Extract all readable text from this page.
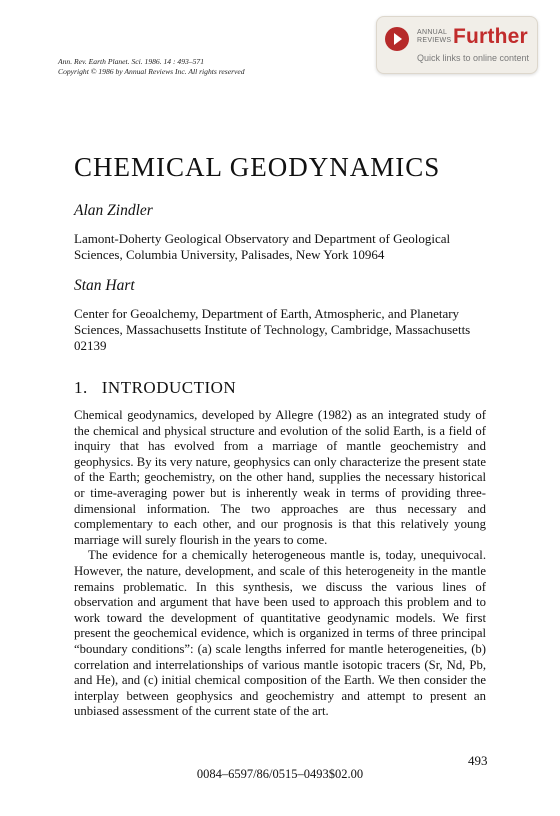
ANNUAL
REVIEWS Further
Quick links to online content
Ann. Rev. Earth Planet. Sci. 1986. 14 : 493–571
Copyright © 1986 by Annual Reviews Inc. All rights reserved
CHEMICAL GEODYNAMICS
Alan Zindler
Lamont-Doherty Geological Observatory and Department of Geological Sciences, Columbia University, Palisades, New York 10964
Stan Hart
Center for Geoalchemy, Department of Earth, Atmospheric, and Planetary Sciences, Massachusetts Institute of Technology, Cambridge, Massachusetts 02139
1. INTRODUCTION

Chemical geodynamics, developed by Allegre (1982) as an integrated study of the chemical and physical structure and evolution of the solid Earth, is a field of inquiry that has evolved from a marriage of mantle geochemistry and geophysics. By its very nature, geophysics can only characterize the present state of the Earth; geochemistry, on the other hand, supplies the necessary historical or time-averaging power but is inherently weak in terms of providing three-dimensional information. The two approaches are thus necessary and complementary to each other, and our prognosis is that this relatively young marriage will surely flourish in the years to come.

The evidence for a chemically heterogeneous mantle is, today, unequivocal. However, the nature, development, and scale of this heterogeneity in the mantle remains problematic. In this synthesis, we discuss the various lines of observation and argument that have been used to approach this problem and to work toward the development of quantitative geodynamic models. We first present the geochemical evidence, which is organized in terms of three principal “boundary conditions”: (a) scale lengths inferred for mantle heterogeneities, (b) correlation and interrelationships of various mantle isotopic tracers (Sr, Nd, Pb, and He), and (c) initial chemical composition of the Earth. We then consider the interplay between geophysics and geochemistry and attempt to present an unbiased assessment of the current state of the art.

493
0084–6597/86/0515–0493$02.00
